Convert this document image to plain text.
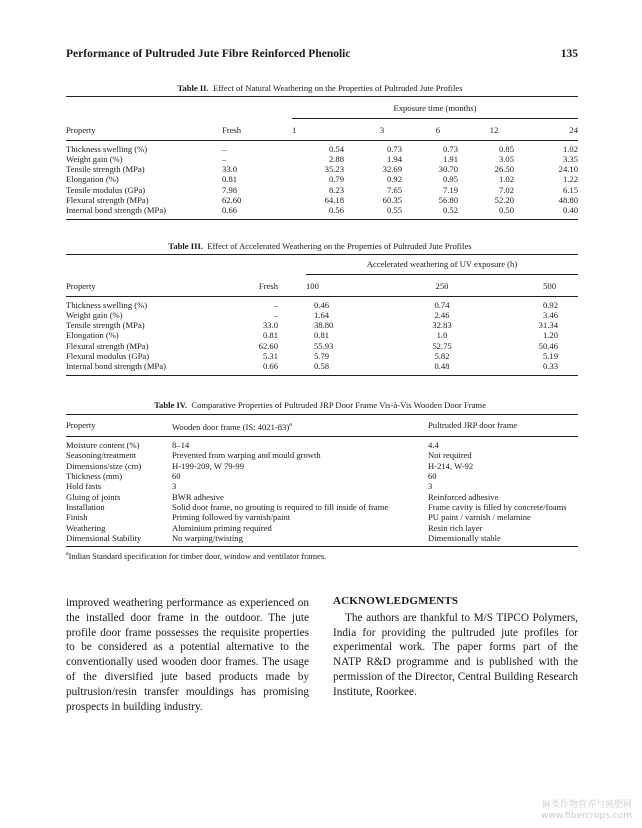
Performance of Pultruded Jute Fibre Reinforced Phenolic	135
Table II. Effect of Natural Weathering on the Properties of Pultruded Jute Profiles

		Exposure time (months)				
Property	Fresh	1	3	6	12	24
Thickness swelling (%)	–	0.54	0.73	0.73	0.85	1.02
Weight gain (%)	–	2.88	1.94	1.91	3.05	3.35
Tensile strength (MPa)	33.0	35.23	32.69	30.70	26.50	24.10
Elongation (%)	0.81	0.79	0.92	0.95	1.02	1.22
Tensile modulus (GPa)	7.98	8.23	7.65	7.19	7.02	6.15
Flexural strength (MPa)	62.60	64.18	60.35	56.80	52.20	48.80
Internal bond strength (MPa)	0.66	0.56	0.55	0.52	0.50	0.40
Table III. Effect of Accelerated Weathering on the Properties of Pultruded Jute Profiles

		Accelerated weathering of UV exposure (h)		
Property	Fresh	100	250	500
Thickness swelling (%)	–	0.46	0.74	0.92
Weight gain (%)	–	1.64	2.46	3.46
Tensile strength (MPa)	33.0	38.80	32.83	31.34
Elongation (%)	0.81	0.81	1.0	1.20
Flexural strength (MPa)	62.60	55.93	52.75	50.46
Flexural modulus (GPa)	5.31	5.79	5.82	5.19
Internal bond strength (MPa)	0.66	0.58	0.48	0.33
Table IV. Comparative Properties of Pultruded JRP Door Frame Vis-à-Vis Wooden Door Frame
Property	Wooden door frame (IS: 4021-83)$^a$	Pultruded JRP door frame
Moisture content (%)	8–14	4.4
Seasoning/treatment	Prevented from warping and mould growth	Not required
Dimensions/size (cm)	H-199-209, W 79-99	H-214, W-92
Thickness (mm)	60	60
Hold fasts	3	3
Gluing of joints	BWR adhesive	Reinforced adhesive
Installation	Solid door frame, no grouting is required to fill inside of frame	Frame cavity is filled by concrete/foams
Finish	Priming followed by varnish/paint	PU paint / varnish / melamine
Weathering	Aluminium priming required	Resin rich layer
Dimensional Stability	No warping/twisting	Dimensionally stable
$^a$Indian Standard specification for timber door, window and ventilator frames.
improved weathering performance as experienced on the installed door frame in the outdoor. The jute profile door frame possesses the requisite properties to be considered as a potential alternative to the conventionally used wooden door frames. The usage of the diversified jute based products made by pultrusion/resin transfer mouldings has promising prospects in building industry.
ACKNOWLEDGMENTS
The authors are thankful to M/S TIPCO Polymers, India for providing the pultruded jute profiles for experimental work. The paper forms part of the NATP R&D programme and is published with the permission of the Director, Central Building Research Institute, Roorkee.
麻类作物营养与施肥网
www.fibercrops.com
